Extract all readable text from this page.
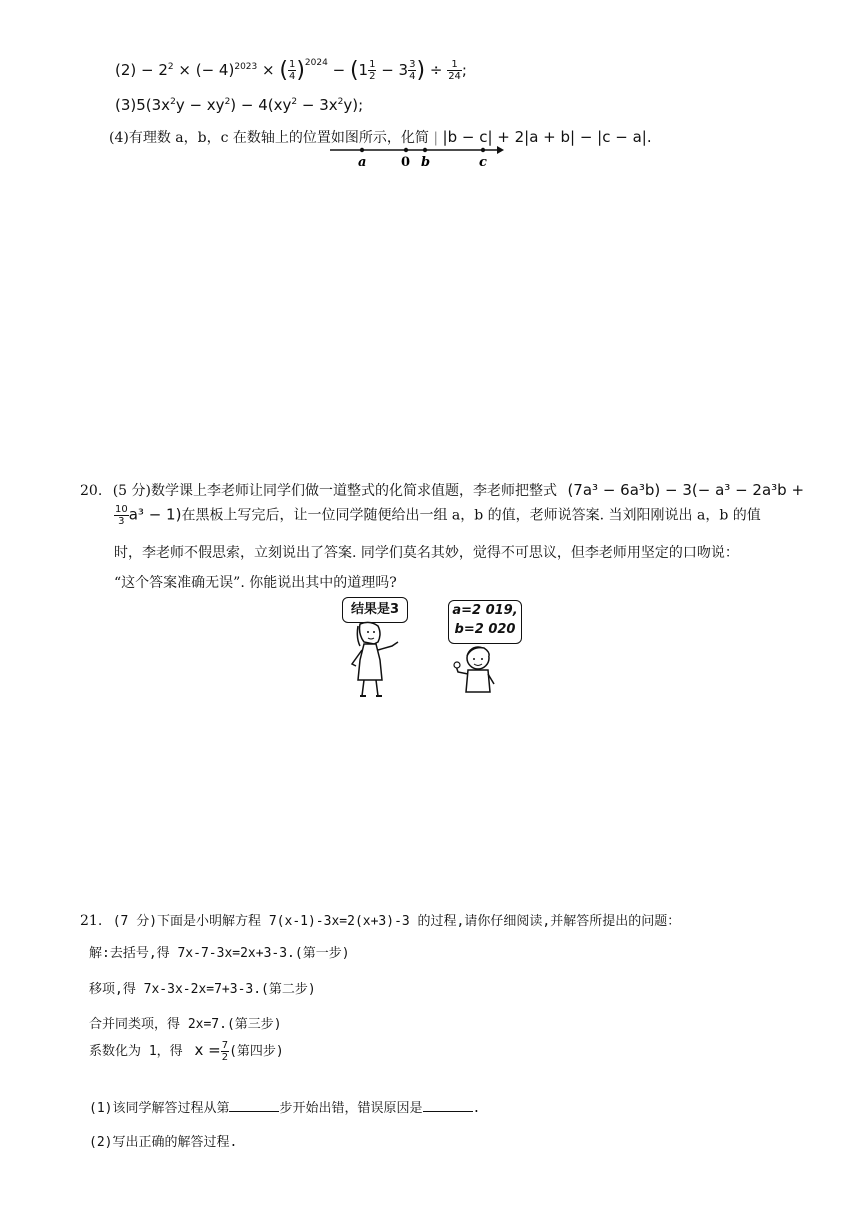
$(2) - 2^2$ × (− 4)$^{2023}$ × ( $\frac{1}{4} )^{2024} - (1 \frac{1}{2} - 3 \frac{3}{4}$ ) ÷ $\frac{1}{24}$ ;
$(3)5(3x^2y - xy^2) - 4(xy^2 - 3x^2y)$;
(4)有理数 a，b，c 在数轴上的位置如图所示，化简 | |b − c| + 2|a + b| − |c − a|.
a	0 b	c
20. (5 分)数学课上李老师让同学们做一道整式的化简求值题，李老师把整式 (7a³ − 6a³b) − 3(− a³ − 2a³b +
$\frac{10}{3} a^3 - 1$)在黑板上写完后，让一位同学随便给出一组 a，b 的值，老师说答案. 当刘阳刚说出 a，b 的值
时，李老师不假思索，立刻说出了答案. 同学们莫名其妙，觉得不可思议，但李老师用坚定的口吻说：
“这个答案准确无误”. 你能说出其中的道理吗?
结果是3	a=2 019,
b=2 020
21. (7 分)下面是小明解方程 7(x-1)-3x=2(x+3)-3 的过程,请你仔细阅读,并解答所提出的问题：
解:去括号,得 7x-7-3x=2x+3-3.(第一步)
移项,得 7x-3x-2x=7+3-3.(第二步)
合并同类项，得 2x=7.(第三步)
系数化为 1，得 $x = \frac{7}{2}$ (第四步)
(1)该同学解答过程从第	步开始出错，错误原因是	.
(2)写出正确的解答过程.
